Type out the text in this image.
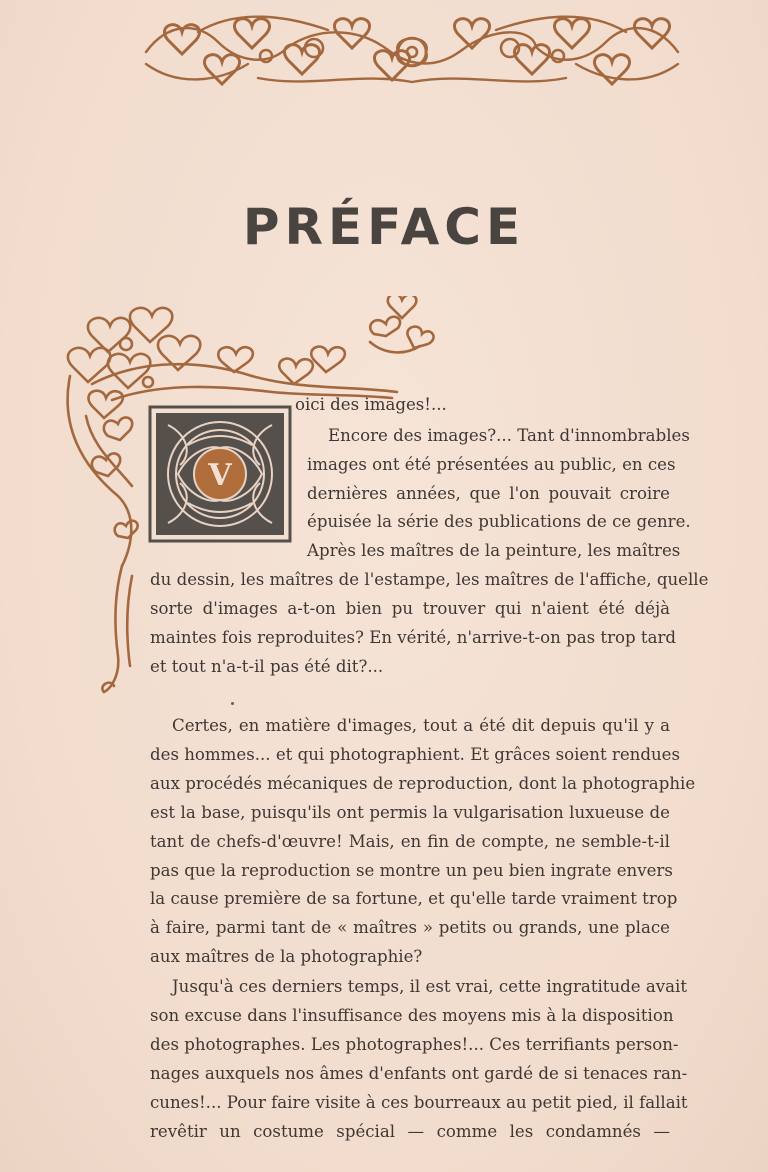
PRÉFACE
V
oici des images!...
Encore des images?... Tant d'innombrables
images ont été présentées au public, en ces
dernières années, que l'on pouvait croire
épuisée la série des publications de ce genre.
Après les maîtres de la peinture, les maîtres
du dessin, les maîtres de l'estampe, les maîtres de l'affiche, quelle
sorte d'images a-t-on bien pu trouver qui n'aient été déjà
maintes fois reproduites? En vérité, n'arrive-t-on pas trop tard
et tout n'a-t-il pas été dit?...
Certes, en matière d'images, tout a été dit depuis qu'il y a
des hommes... et qui photographient. Et grâces soient rendues
aux procédés mécaniques de reproduction, dont la photographie
est la base, puisqu'ils ont permis la vulgarisation luxueuse de
tant de chefs-d'œuvre! Mais, en fin de compte, ne semble-t-il
pas que la reproduction se montre un peu bien ingrate envers
la cause première de sa fortune, et qu'elle tarde vraiment trop
à faire, parmi tant de « maîtres » petits ou grands, une place
aux maîtres de la photographie?
Jusqu'à ces derniers temps, il est vrai, cette ingratitude avait
son excuse dans l'insuffisance des moyens mis à la disposition
des photographes. Les photographes!... Ces terrifiants person-
nages auxquels nos âmes d'enfants ont gardé de si tenaces ran-
cunes!... Pour faire visite à ces bourreaux au petit pied, il fallait
revêtir un costume spécial — comme les condamnés —
